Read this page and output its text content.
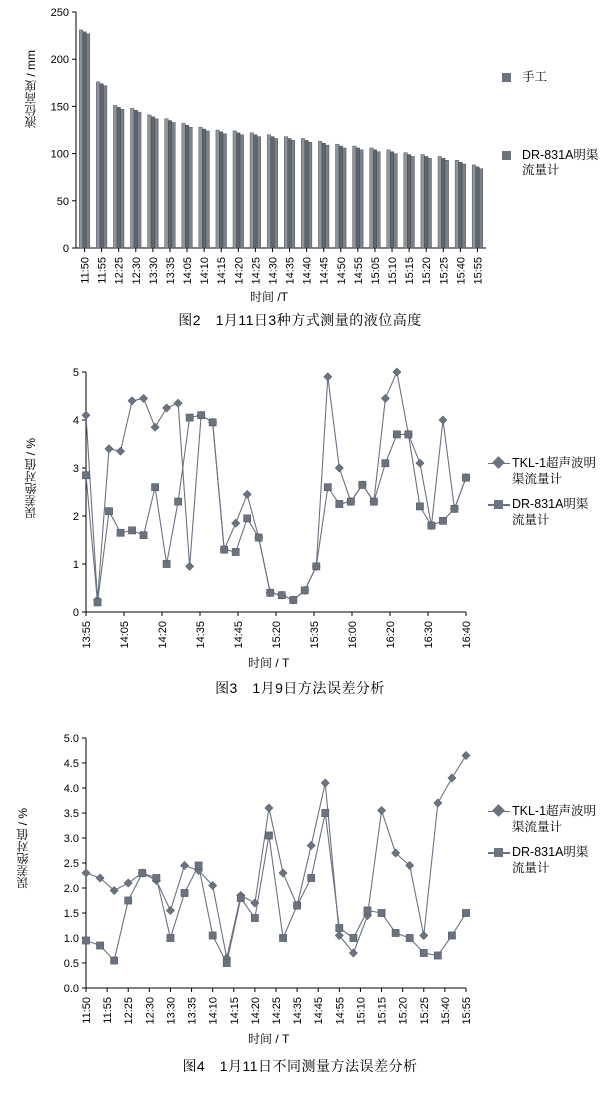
液位高度 / mm
0
50
100
150
200
250
11:50 11:55 12:25 12:30 13:30 13:35 14:05 14:10 14:15 14:20 14:25 14:30 14:35 14:40 14:45 14:50 14:55 15:05 15:10 15:15 15:20 15:25 15:40 15:55
时间 /T
手工
DR-831A明渠流量计
图2　1月11日3种方式测量的液位高度
误差绝对值 / %
0
1
2
3
4
5
13:55 14:05 14:20 14:35 14:45 15:20 15:35 16:00 16:20 16:30 16:40
时间 / T
TKL-1超声波明渠流量计
DR-831A明渠流量计
图3　1月9日方法误差分析
误差绝对值 / %
0.0
0.5
1.0
1.5
2.0
2.5
3.0
3.5
4.0
4.5
5.0
11:50 11:55 12:25 12:30 13:30 13:35 14:10 14:15 14:20 14:25 14:35 14:45 14:55 15:10 15:15 15:20 15:25 15:40 15:55
时间 / T
TKL-1超声波明渠流量计
DR-831A明渠流量计
图4　1月11日不同测量方法误差分析
